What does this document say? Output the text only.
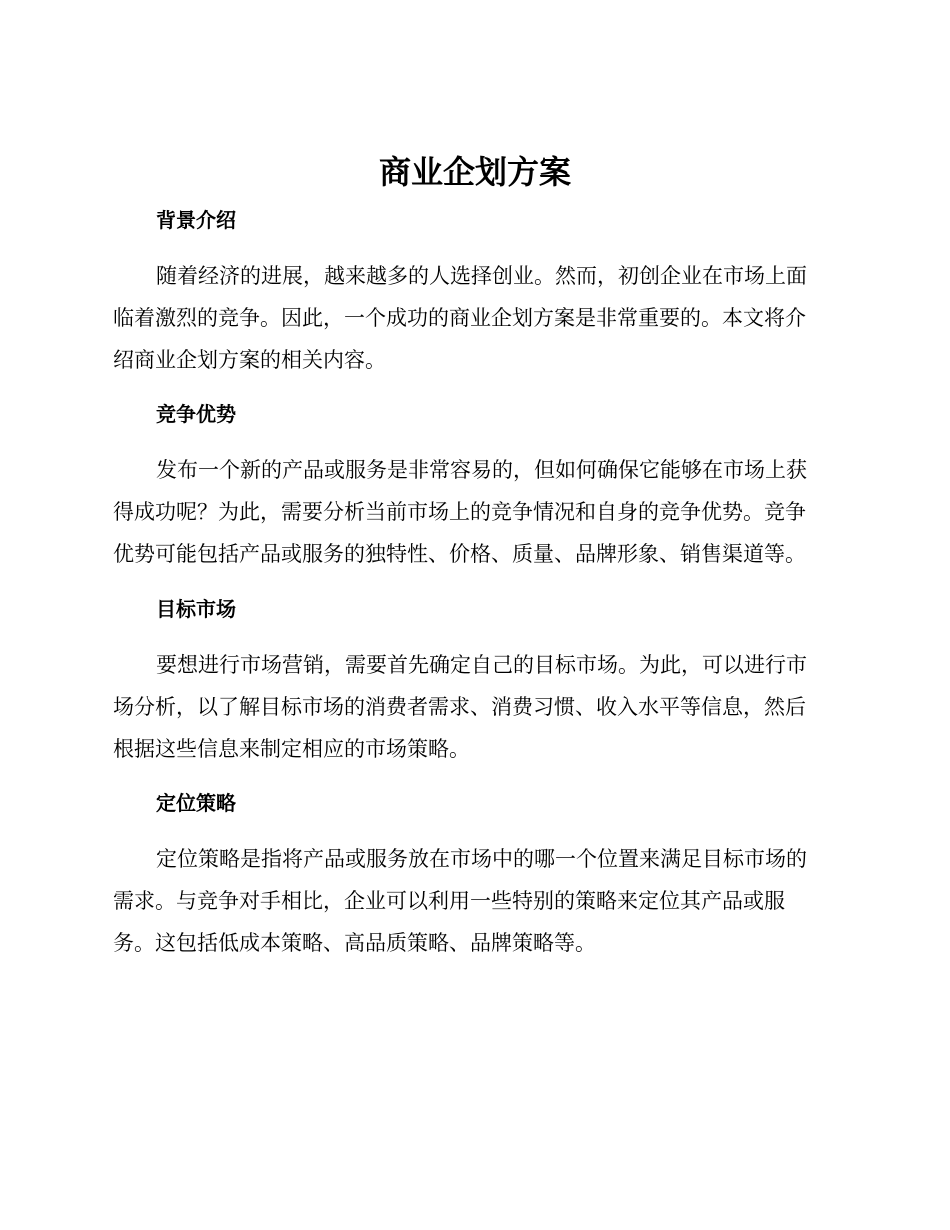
商业企划方案
背景介绍

随着经济的进展，越来越多的人选择创业。然而，初创企业在市场上面
临着激烈的竞争。因此，一个成功的商业企划方案是非常重要的。本文将介
绍商业企划方案的相关内容。

竞争优势

发布一个新的产品或服务是非常容易的，但如何确保它能够在市场上获
得成功呢？为此，需要分析当前市场上的竞争情况和自身的竞争优势。竞争
优势可能包括产品或服务的独特性、价格、质量、品牌形象、销售渠道等。

目标市场

要想进行市场营销，需要首先确定自己的目标市场。为此，可以进行市
场分析，以了解目标市场的消费者需求、消费习惯、收入水平等信息，然后
根据这些信息来制定相应的市场策略。

定位策略

定位策略是指将产品或服务放在市场中的哪一个位置来满足目标市场的
需求。与竞争对手相比，企业可以利用一些特别的策略来定位其产品或服
务。这包括低成本策略、高品质策略、品牌策略等。
